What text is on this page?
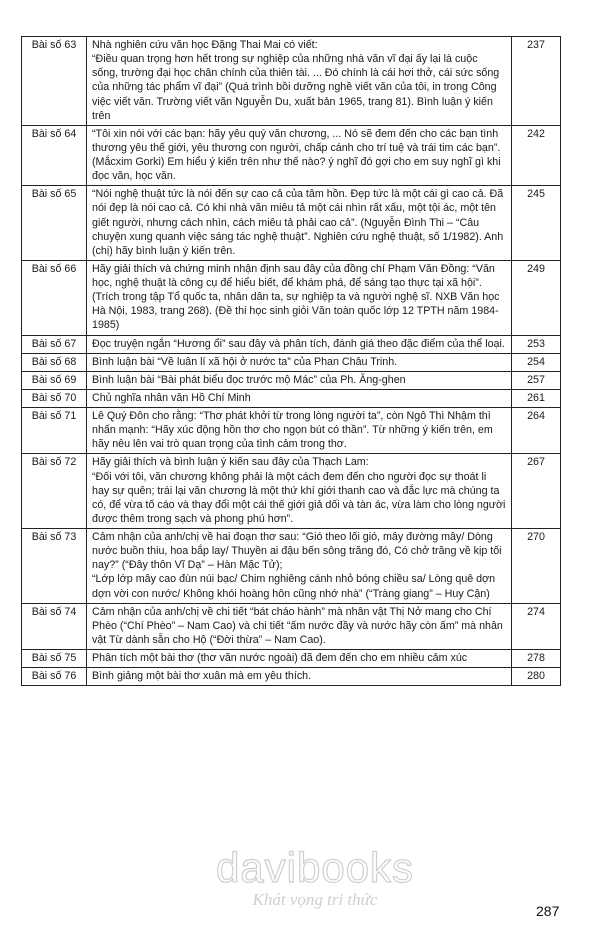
Bài số 63	Nhà nghiên cứu văn học Đặng Thai Mai có viết:
“Điều quan trọng hơn hết trong sự nghiệp của những nhà văn vĩ đại ấy lại là cuộc sống, trường đại học chân chính của thiên tài. ... Đó chính là cái hơi thở, cái sức sống của những tác phẩm vĩ đại” (Quá trình bồi dưỡng nghề viết văn của tôi, in trong Công việc viết văn. Trường viết văn Nguyễn Du, xuất bản 1965, trang 81). Bình luận ý kiến trên	237
Bài số 64	“Tôi xin nói với các bạn: hãy yêu quý văn chương, ... Nó sẽ đem đến cho các bạn tình thương yêu thế giới, yêu thương con người, chấp cánh cho trí tuệ và trái tim các bạn”. (Mắcxim Gorki) Em hiểu ý kiến trên như thế nào? ý nghĩ đó gợi cho em suy nghĩ gì khi đọc văn, học văn.	242
Bài số 65	“Nói nghệ thuật tức là nói đến sự cao cả của tâm hồn. Đẹp tức là một cái gì cao cả. Đã nói đẹp là nói cao cả. Có khi nhà văn miêu tả một cái nhìn rất xấu, một tội ác, một tên giết người, nhưng cách nhìn, cách miêu tả phải cao cả”. (Nguyễn Đình Thi – “Câu chuyện xung quanh việc sáng tác nghệ thuật”. Nghiên cứu nghệ thuật, số 1/1982). Anh (chị) hãy bình luận ý kiến trên.	245
Bài số 66	Hãy giải thích và chứng minh nhận định sau đây của đồng chí Phạm Văn Đồng: “Văn học, nghệ thuật là công cụ để hiểu biết, để khám phá, để sáng tạo thực tại xã hội”. (Trích trong tập Tổ quốc ta, nhân dân ta, sự nghiệp ta và người nghệ sĩ. NXB Văn học Hà Nội, 1983, trang 268). (Đề thi học sinh giỏi Văn toàn quốc lớp 12 TPTH năm 1984-1985)	249
Bài số 67	Đọc truyện ngắn “Hương ổi” sau đây và phân tích, đánh giá theo đặc điểm của thể loại.	253
Bài số 68	Bình luận bài “Về luân lí xã hội ở nước ta” của Phan Châu Trinh.	254
Bài số 69	Bình luận bài “Bài phát biểu đọc trước mộ Mác” của Ph. Ăng-ghen	257
Bài số 70	Chủ nghĩa nhân văn Hồ Chí Minh	261
Bài số 71	Lê Quý Đôn cho rằng: “Thơ phát khởi từ trong lòng người ta”, còn Ngô Thì Nhậm thì nhấn mạnh: “Hãy xúc động hồn thơ cho ngọn bút có thần”. Từ những ý kiến trên, em hãy nêu lên vai trò quan trọng của tình cảm trong thơ.	264
Bài số 72	Hãy giải thích và bình luận ý kiến sau đây của Thạch Lam:
“Đối với tôi, văn chương không phải là một cách đem đến cho người đọc sự thoát li hay sự quên; trái lại văn chương là một thứ khí giới thanh cao và đắc lực mà chúng ta có, để vừa tố cáo và thay đổi một cái thế giới giả dối và tàn ác, vừa làm cho lòng người được thêm trong sạch và phong phú hơn”.	267
Bài số 73	Cảm nhận của anh/chị về hai đoạn thơ sau: “Gió theo lối gió, mây đường mây/ Dòng nước buồn thiu, hoa bắp lay/ Thuyền ai đậu bến sông trăng đó, Có chở trăng về kịp tối nay?” (“Đây thôn Vĩ Dạ” – Hàn Mặc Tử);
“Lớp lớp mây cao đùn núi bạc/ Chim nghiêng cánh nhỏ bóng chiều sa/ Lòng quê dợn dợn vời con nước/ Không khói hoàng hôn cũng nhớ nhà” (“Tràng giang” – Huy Cận)	270
Bài số 74	Cảm nhận của anh/chị về chi tiết “bát cháo hành” mà nhân vật Thị Nở mang cho Chí Phèo (“Chí Phèo” – Nam Cao) và chi tiết “ấm nước đầy và nước hãy còn ấm” mà nhân vật Từ dành sẵn cho Hộ (“Đời thừa” – Nam Cao).	274
Bài số 75	Phân tích một bài thơ (thơ văn nước ngoài) đã đem đến cho em nhiều cảm xúc	278
Bài số 76	Bình giảng một bài thơ xuân mà em yêu thích.	280
davibooks
Khát vọng tri thức
287
